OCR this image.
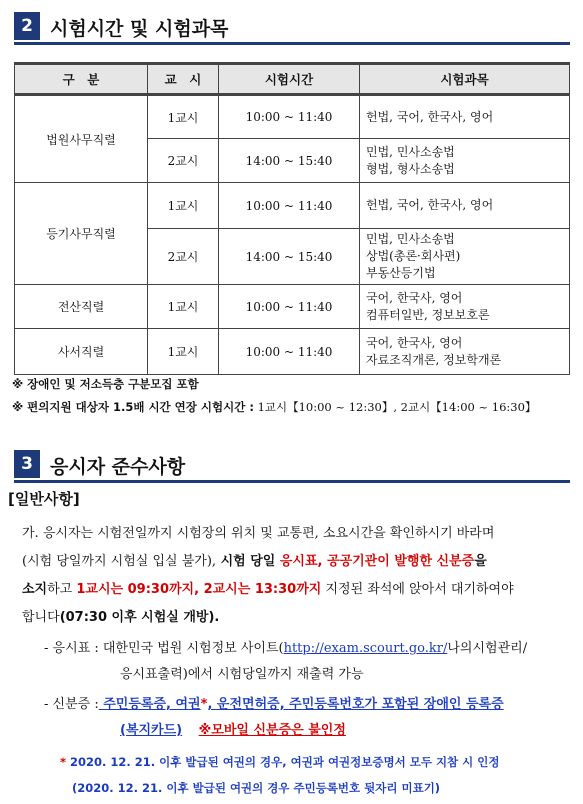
2 시험시간 및 시험과목
구　분	교　시	시험시간	시험과목
법원사무직렬	1교시	10:00 ~ 11:40	헌법, 국어, 한국사, 영어

	2교시	14:00 ~ 15:40	민법, 민사소송법
형법, 형사소송법

등기사무직렬	1교시	10:00 ~ 11:40	헌법, 국어, 한국사, 영어

	2교시	14:00 ~ 15:40	민법, 민사소송법
상법(총론·회사편)
부동산등기법

전산직렬	1교시	10:00 ~ 11:40	국어, 한국사, 영어
컴퓨터일반, 정보보호론

사서직렬	1교시	10:00 ~ 11:40	국어, 한국사, 영어
자료조직개론, 정보학개론
※ 장애인 및 저소득층 구분모집 포함
※ 편의지원 대상자 1.5배 시간 연장 시험시간 : 1교시【10:00 ~ 12:30】, 2교시【14:00 ~ 16:30】
3 응시자 준수사항
[일반사항]
가. 응시자는 시험전일까지 시험장의 위치 및 교통편, 소요시간을 확인하시기 바라며
(시험 당일까지 시험실 입실 불가), 시험 당일 응시표, 공공기관이 발행한 신분증을
소지하고 1교시는 09:30까지, 2교시는 13:30까지 지정된 좌석에 앉아서 대기하여야
합니다(07:30 이후 시험실 개방).
- 응시표 : 대한민국 법원 시험정보 사이트(http://exam.scourt.go.kr/나의시험관리/
응시표출력)에서 시험당일까지 재출력 가능
- 신분증 : 주민등록증, 여권*, 운전면허증, 주민등록번호가 포함된 장애인 등록증
(복지카드) ※모바일 신분증은 불인정
* 2020. 12. 21. 이후 발급된 여권의 경우, 여권과 여권정보증명서 모두 지참 시 인정
(2020. 12. 21. 이후 발급된 여권의 경우 주민등록번호 뒷자리 미표기)
